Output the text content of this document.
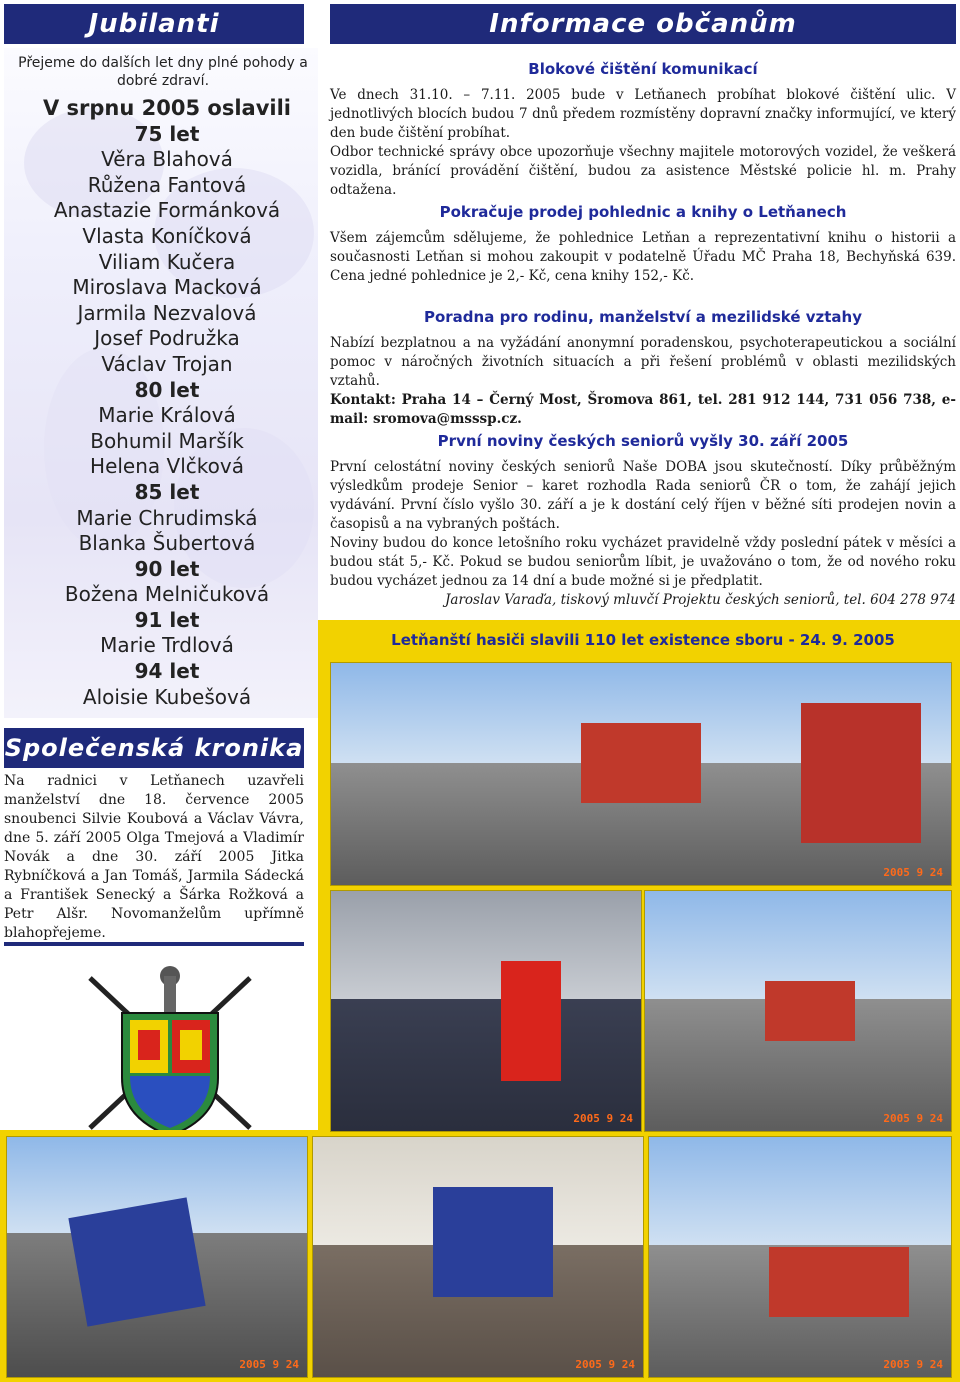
Jubilanti
Přejeme do dalších let dny plné pohody a dobré zdraví.
V srpnu 2005 oslavili
75 let
Věra Blahová
Růžena Fantová
Anastazie Formánková
Vlasta Koníčková
Viliam Kučera
Miroslava Macková
Jarmila Nezvalová
Josef Podružka
Václav Trojan
80 let
Marie Králová
Bohumil Maršík
Helena Vlčková
85 let
Marie Chrudimská
Blanka Šubertová
90 let
Božena Melničuková
91 let
Marie Trdlová
94 let
Aloisie Kubešová
Společenská kronika
Na radnici v Letňanech uzavřeli manželství dne 18. července 2005 snoubenci Silvie Koubová a Václav Vávra, dne 5. září 2005 Olga Tmejová a Vladimír Novák a dne 30. září 2005 Jitka Rybníčková a Jan Tomáš, Jarmila Sádecká a František Senecký a Šárka Rožková a Petr Alšr. Novomanželům upřímně blahopřejeme.
Informace občanům
Blokové čištění komunikací

Ve dnech 31.10. – 7.11. 2005 bude v Letňanech probíhat blokové čištění ulic. V jednotlivých blocích budou 7 dnů předem rozmístěny dopravní značky informující, ve který den bude čištění probíhat.

Odbor technické správy obce upozorňuje všechny majitele motorových vozidel, že veškerá vozidla, bránící provádění čištění, budou za asistence Městské policie hl. m. Prahy odtažena.

Pokračuje prodej pohlednic a knihy o Letňanech

Všem zájemcům sdělujeme, že pohlednice Letňan a reprezentativní knihu o historii a současnosti Letňan si mohou zakoupit v podatelně Úřadu MČ Praha 18, Bechyňská 639. Cena jedné pohlednice je 2,- Kč, cena knihy 152,- Kč.

Poradna pro rodinu, manželství a mezilidské vztahy

Nabízí bezplatnou a na vyžádání anonymní poradenskou, psychoterapeutickou a sociální pomoc v náročných životních situacích a při řešení problémů v oblasti mezilidských vztahů.

Kontakt: Praha 14 – Černý Most, Šromova 861, tel. 281 912 144, 731 056 738, e-mail: sromova@msssp.cz.

První noviny českých seniorů vyšly 30. září 2005

První celostátní noviny českých seniorů Naše DOBA jsou skutečností. Díky průběžným výsledkům prodeje Senior – karet rozhodla Rada seniorů ČR o tom, že zahájí jejich vydávání. První číslo vyšlo 30. září a je k dostání celý říjen v běžné síti prodejen novin a časopisů a na vybraných poštách.

Noviny budou do konce letošního roku vycházet pravidelně vždy poslední pátek v měsíci a budou stát 5,- Kč. Pokud se budou seniorům líbit, je uvažováno o tom, že od nového roku budou vycházet jednou za 14 dní a bude možné si je předplatit.

Jaroslav Varaďa, tiskový mluvčí Projektu českých seniorů, tel. 604 278 974

Letňanští hasiči slavili 110 let existence sboru - 24. 9. 2005
2005 9 24
2005 9 24	2005 9 24
2005 9 24	2005 9 24	2005 9 24
